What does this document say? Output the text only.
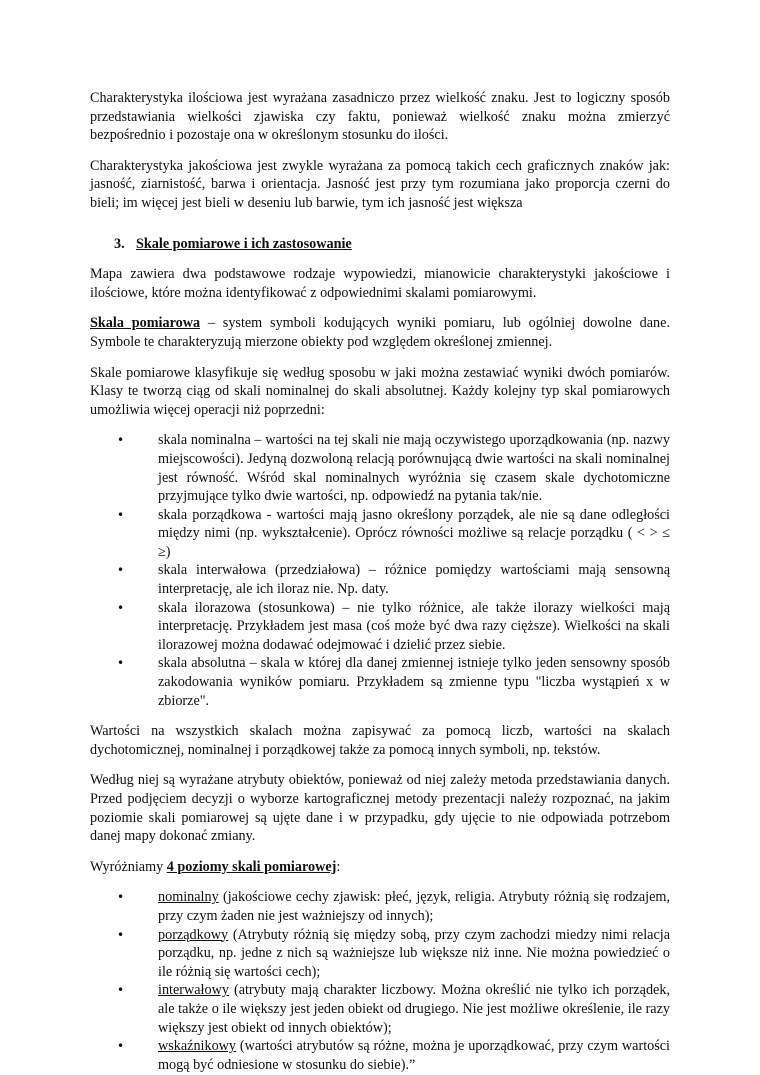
Charakterystyka ilościowa jest wyrażana zasadniczo przez wielkość znaku. Jest to logiczny sposób przedstawiania wielkości zjawiska czy faktu, ponieważ wielkość znaku można zmierzyć bezpośrednio i pozostaje ona w określonym stosunku do ilości.

Charakterystyka jakościowa jest zwykle wyrażana za pomocą takich cech graficznych znaków jak: jasność, ziarnistość, barwa i orientacja. Jasność jest przy tym rozumiana jako proporcja czerni do bieli; im więcej jest bieli w deseniu lub barwie, tym ich jasność jest większa

3. Skale pomiarowe i ich zastosowanie

Mapa zawiera dwa podstawowe rodzaje wypowiedzi, mianowicie charakterystyki jakościowe i ilościowe, które można identyfikować z odpowiednimi skalami pomiarowymi.

Skala pomiarowa – system symboli kodujących wyniki pomiaru, lub ogólniej dowolne dane. Symbole te charakteryzują mierzone obiekty pod względem określonej zmiennej.

Skale pomiarowe klasyfikuje się według sposobu w jaki można zestawiać wyniki dwóch pomiarów. Klasy te tworzą ciąg od skali nominalnej do skali absolutnej. Każdy kolejny typ skal pomiarowych umożliwia więcej operacji niż poprzedni:

• skala nominalna – wartości na tej skali nie mają oczywistego uporządkowania (np. nazwy miejscowości). Jedyną dozwoloną relacją porównującą dwie wartości na skali nominalnej jest równość. Wśród skal nominalnych wyróżnia się czasem skale dychotomiczne przyjmujące tylko dwie wartości, np. odpowiedź na pytania tak/nie.
• skala porządkowa - wartości mają jasno określony porządek, ale nie są dane odległości między nimi (np. wykształcenie). Oprócz równości możliwe są relacje porządku ( < > ≤ ≥)
• skala interwałowa (przedziałowa) – różnice pomiędzy wartościami mają sensowną interpretację, ale ich iloraz nie. Np. daty.
• skala ilorazowa (stosunkowa) – nie tylko różnice, ale także ilorazy wielkości mają interpretację. Przykładem jest masa (coś może być dwa razy cięższe). Wielkości na skali ilorazowej można dodawać odejmować i dzielić przez siebie.
• skala absolutna – skala w której dla danej zmiennej istnieje tylko jeden sensowny sposób zakodowania wyników pomiaru. Przykładem są zmienne typu "liczba wystąpień x w zbiorze".

Wartości na wszystkich skalach można zapisywać za pomocą liczb, wartości na skalach dychotomicznej, nominalnej i porządkowej także za pomocą innych symboli, np. tekstów.

Według niej są wyrażane atrybuty obiektów, ponieważ od niej zależy metoda przedstawiania danych. Przed podjęciem decyzji o wyborze kartograficznej metody prezentacji należy rozpoznać, na jakim poziomie skali pomiarowej są ujęte dane i w przypadku, gdy ujęcie to nie odpowiada potrzebom danej mapy dokonać zmiany.

Wyróżniamy 4 poziomy skali pomiarowej:

• nominalny (jakościowe cechy zjawisk: płeć, język, religia. Atrybuty różnią się rodzajem, przy czym żaden nie jest ważniejszy od innych);
• porządkowy (Atrybuty różnią się między sobą, przy czym zachodzi miedzy nimi relacja porządku, np. jedne z nich są ważniejsze lub większe niż inne. Nie można powiedzieć o ile różnią się wartości cech);
• interwałowy (atrybuty mają charakter liczbowy. Można określić nie tylko ich porządek, ale także o ile większy jest jeden obiekt od drugiego. Nie jest możliwe określenie, ile razy większy jest obiekt od innych obiektów);
• wskaźnikowy (wartości atrybutów są różne, można je uporządkować, przy czym wartości mogą być odniesione w stosunku do siebie).”
